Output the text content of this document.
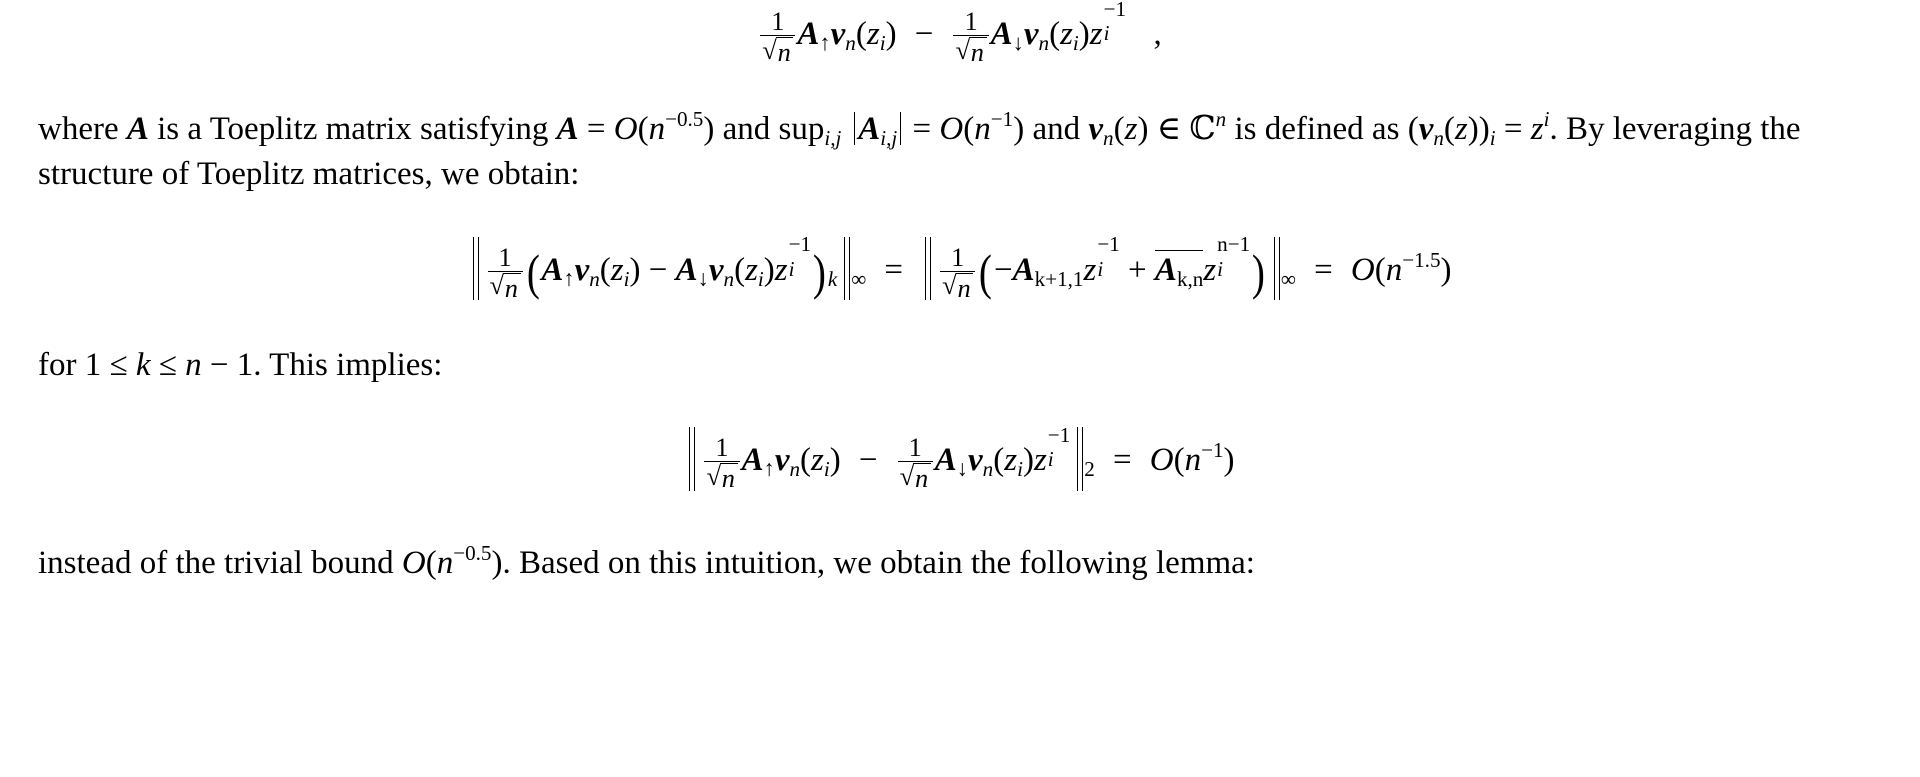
1
√ n $A↑v_n(z_i) - 1$
√ n $A↓v_n(z_i)z$
−1
i	,
where A is a Toeplitz matrix satisfying $A = O(n^{-0.5})$ and sup$_{i,j}$ $A_{i,j} = O(n^{-1})$ and $v_n(z)$ ∈ ℂ$^n$ is defined as $(v_n(z))_i = z^i$. By leveraging the structure of Toeplitz matrices, we obtain:
1
√ n ($A↑v_n(z_i)$ − $A↓v_n(z_i)z$
−1
i )$_k$ $_\infty$ = 1
√ n ($-A_{k+1,1}z$
−1
$i + A_{k,n}z$
n−1
i ) $_\infty = O(n^{-1.5})$
for 1 ≤ k ≤ n − 1. This implies:
1
√ n $A↑v_n(z_i) - 1$
√ n $A↓v_n(z_i)z$
−1
i	$_2 = O(n^{-1})$
instead of the trivial bound $O(n^{-0.5})$. Based on this intuition, we obtain the following lemma:
